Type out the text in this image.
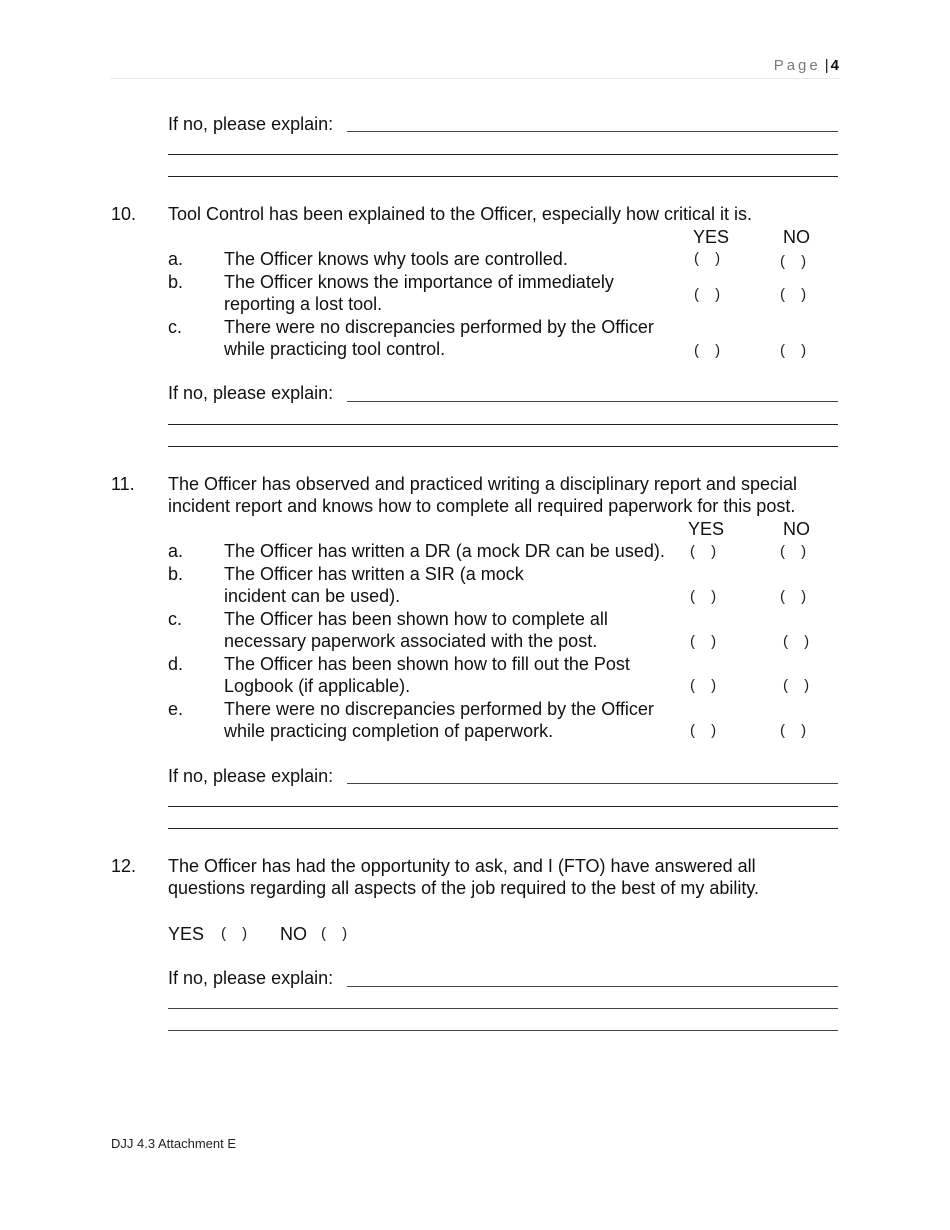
Page | 4
If no, please explain:
10. Tool Control has been explained to the Officer, especially how critical it is.
YES	NO
a. The Officer knows why tools are controlled.	( )	( )
b. The Officer knows the importance of immediately
reporting a lost tool.	( )	( )
c. There were no discrepancies performed by the Officer
while practicing tool control.	( )	( )
If no, please explain:
11. The Officer has observed and practiced writing a disciplinary report and special
incident report and knows how to complete all required paperwork for this post.
YES	NO
a. The Officer has written a DR (a mock DR can be used). ( )	( )
b. The Officer has written a SIR (a mock
incident can be used).	( )	( )
c. The Officer has been shown how to complete all
necessary paperwork associated with the post.	( )	( )
d. The Officer has been shown how to fill out the Post
Logbook (if applicable).	( )	( )
e. There were no discrepancies performed by the Officer
while practicing completion of paperwork.	( )	( )
If no, please explain:
12. The Officer has had the opportunity to ask, and I (FTO) have answered all
questions regarding all aspects of the job required to the best of my ability.
YES ( ) NO ( )
If no, please explain:
DJJ 4.3 Attachment E
